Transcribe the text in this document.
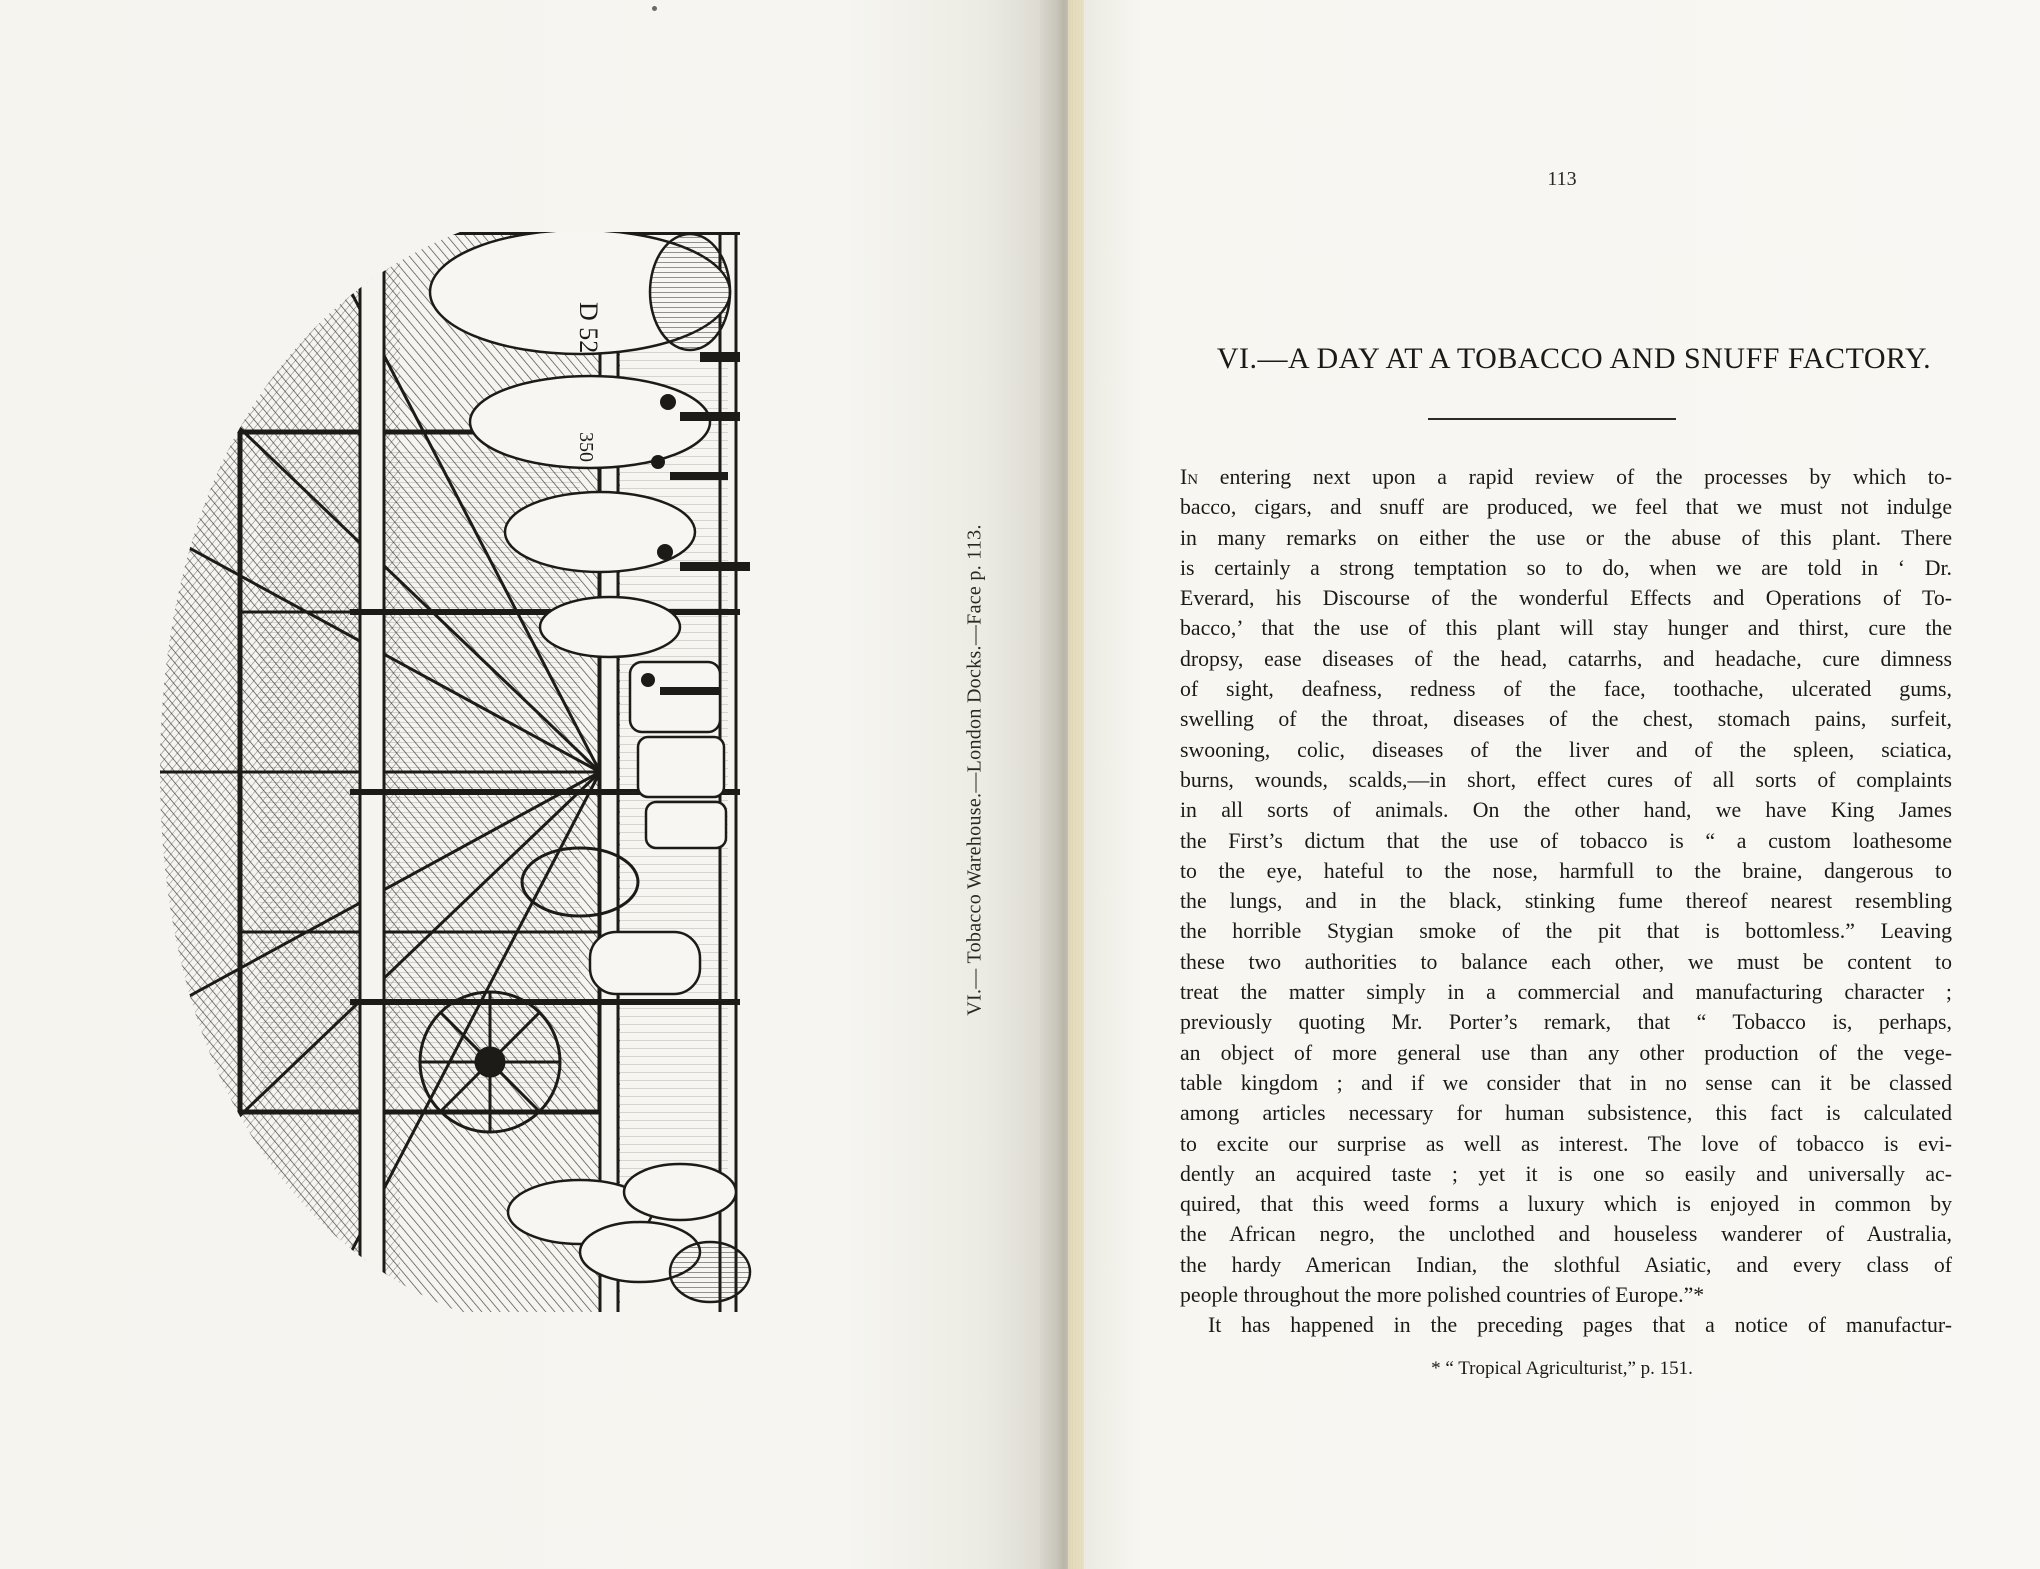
D 52
350
VI.— Tobacco Warehouse.—London Docks.—Face p. 113.
113
VI.—A DAY AT A TOBACCO AND SNUFF FACTORY.

In entering next upon a rapid review of the processes by which to-
bacco, cigars, and snuff are produced, we feel that we must not indulge
in many remarks on either the use or the abuse of this plant. There
is certainly a strong temptation so to do, when we are told in ‘ Dr.
Everard, his Discourse of the wonderful Effects and Operations of To-
bacco,’ that the use of this plant will stay hunger and thirst, cure the
dropsy, ease diseases of the head, catarrhs, and headache, cure dimness
of sight, deafness, redness of the face, toothache, ulcerated gums,
swelling of the throat, diseases of the chest, stomach pains, surfeit,
swooning, colic, diseases of the liver and of the spleen, sciatica,
burns, wounds, scalds,—in short, effect cures of all sorts of complaints
in all sorts of animals. On the other hand, we have King James
the First’s dictum that the use of tobacco is “ a custom loathesome
to the eye, hateful to the nose, harmfull to the braine, dangerous to
the lungs, and in the black, stinking fume thereof nearest resembling
the horrible Stygian smoke of the pit that is bottomless.” Leaving
these two authorities to balance each other, we must be content to
treat the matter simply in a commercial and manufacturing character ;
previously quoting Mr. Porter’s remark, that “ Tobacco is, perhaps,
an object of more general use than any other production of the vege-
table kingdom ; and if we consider that in no sense can it be classed
among articles necessary for human subsistence, this fact is calculated
to excite our surprise as well as interest. The love of tobacco is evi-
dently an acquired taste ; yet it is one so easily and universally ac-
quired, that this weed forms a luxury which is enjoyed in common by
the African negro, the unclothed and houseless wanderer of Australia,
the hardy American Indian, the slothful Asiatic, and every class of
people throughout the more polished countries of Europe.”*

It has happened in the preceding pages that a notice of manufactur-

* “ Tropical Agriculturist,” p. 151.
